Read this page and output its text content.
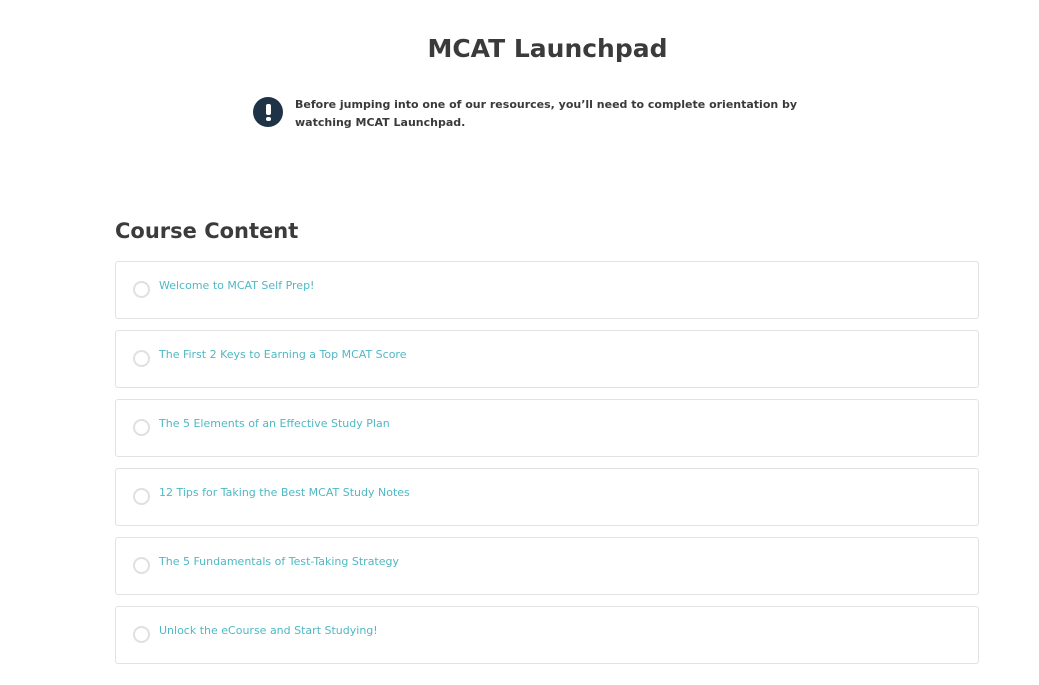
MCAT Launchpad
Before jumping into one of our resources, you’ll need to complete orientation by watching MCAT Launchpad.
Course Content
Welcome to MCAT Self Prep!
The First 2 Keys to Earning a Top MCAT Score
The 5 Elements of an Effective Study Plan
12 Tips for Taking the Best MCAT Study Notes
The 5 Fundamentals of Test-Taking Strategy
Unlock the eCourse and Start Studying!
